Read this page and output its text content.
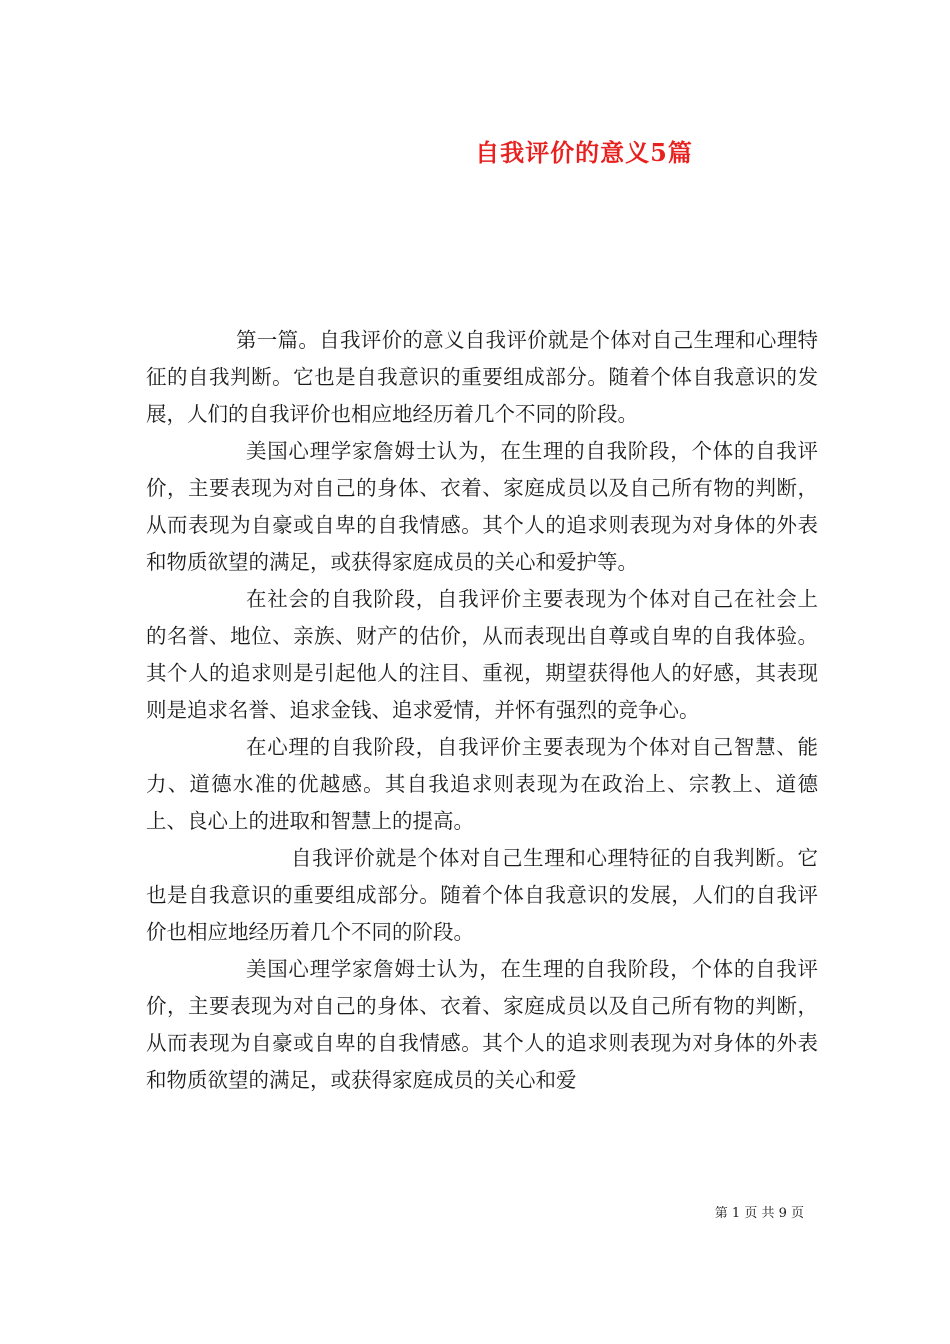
自我评价的意义5篇

第一篇。自我评价的意义自我评价就是个体对自己生理和心理特征的自我判断。它也是自我意识的重要组成部分。随着个体自我意识的发展，人们的自我评价也相应地经历着几个不同的阶段。

美国心理学家詹姆士认为，在生理的自我阶段，个体的自我评价，主要表现为对自己的身体、衣着、家庭成员以及自己所有物的判断，从而表现为自豪或自卑的自我情感。其个人的追求则表现为对身体的外表和物质欲望的满足，或获得家庭成员的关心和爱护等。

在社会的自我阶段，自我评价主要表现为个体对自己在社会上的名誉、地位、亲族、财产的估价，从而表现出自尊或自卑的自我体验。其个人的追求则是引起他人的注目、重视，期望获得他人的好感，其表现则是追求名誉、追求金钱、追求爱情，并怀有强烈的竞争心。

在心理的自我阶段，自我评价主要表现为个体对自己智慧、能力、道德水准的优越感。其自我追求则表现为在政治上、宗教上、道德上、良心上的进取和智慧上的提高。

自我评价就是个体对自己生理和心理特征的自我判断。它也是自我意识的重要组成部分。随着个体自我意识的发展，人们的自我评价也相应地经历着几个不同的阶段。

美国心理学家詹姆士认为，在生理的自我阶段，个体的自我评价，主要表现为对自己的身体、衣着、家庭成员以及自己所有物的判断，从而表现为自豪或自卑的自我情感。其个人的追求则表现为对身体的外表和物质欲望的满足，或获得家庭成员的关心和爱

第 1 页 共 9 页
